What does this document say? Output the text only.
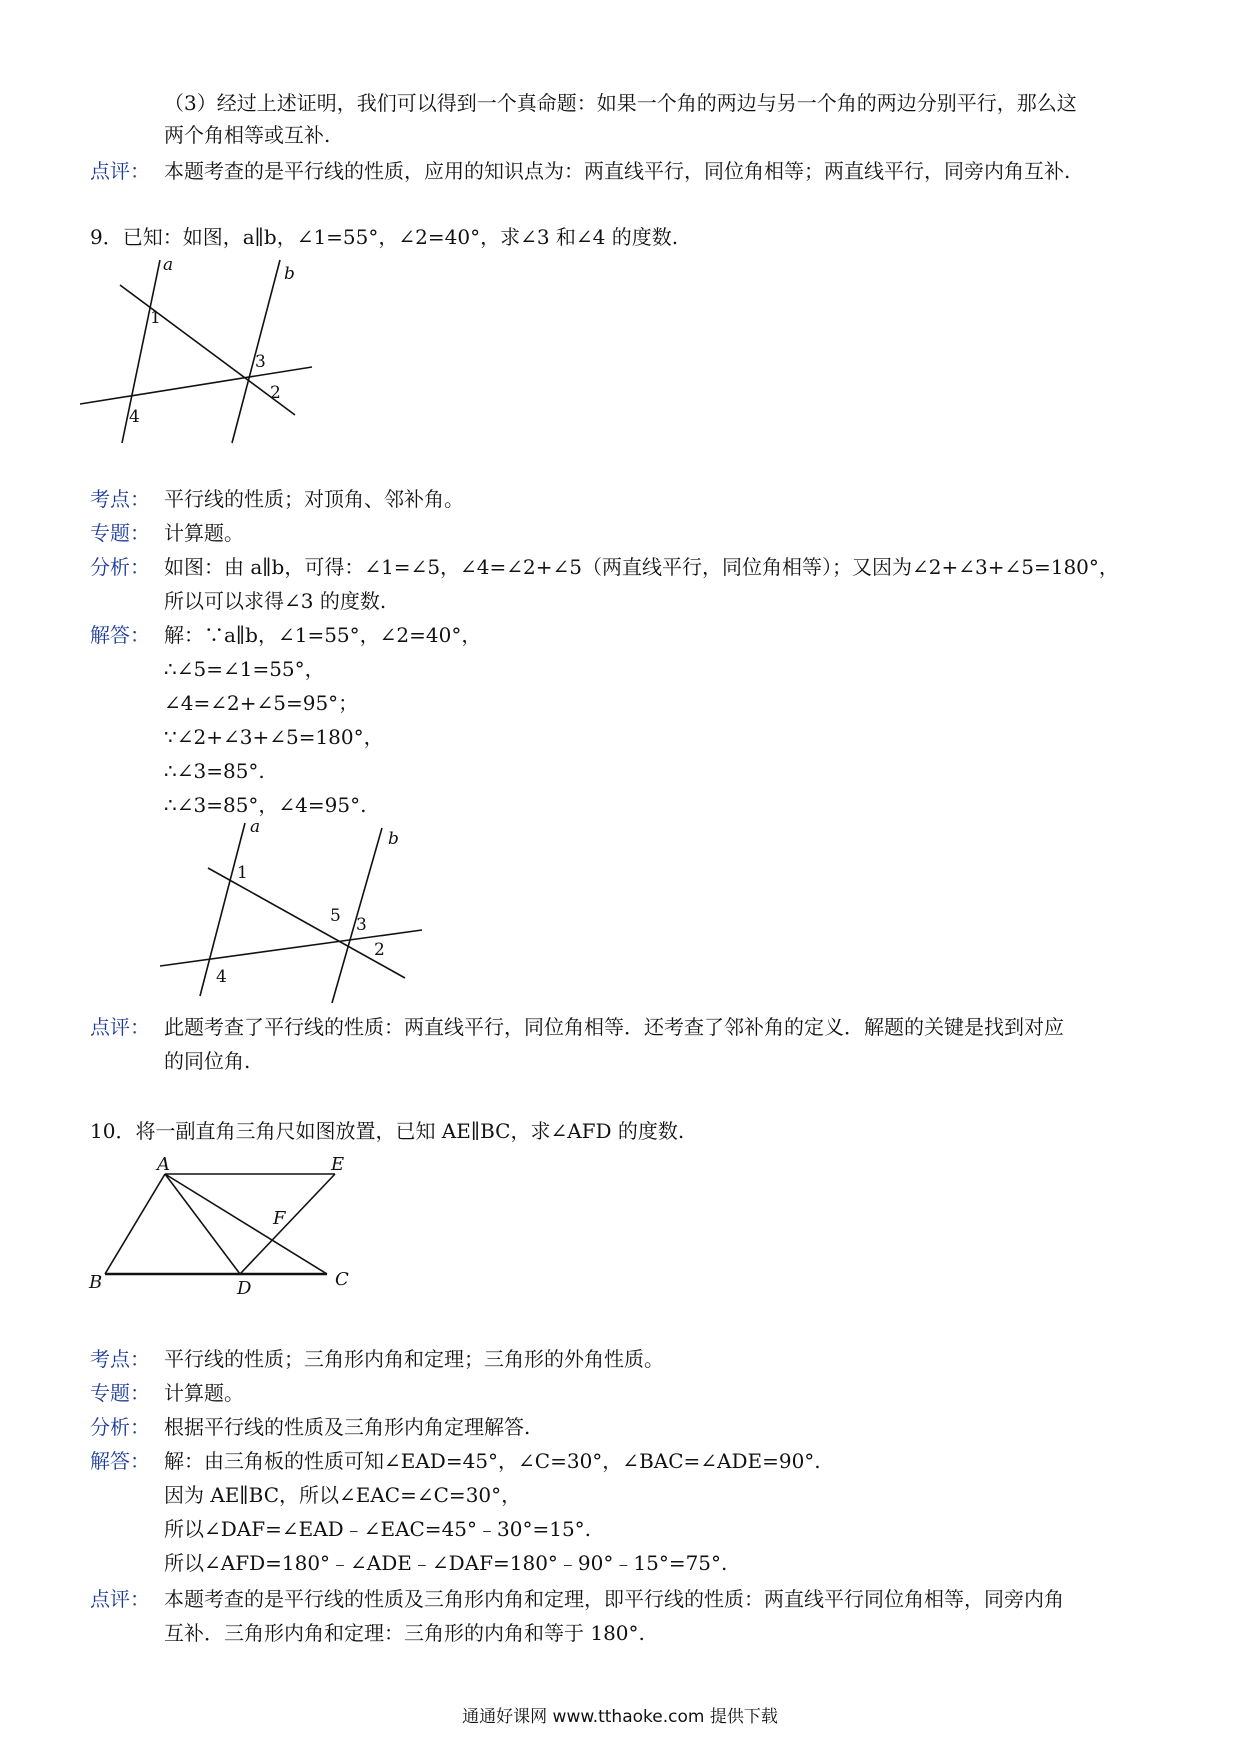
（3）经过上述证明，我们可以得到一个真命题：如果一个角的两边与另一个角的两边分别平行，那么这
两个角相等或互补.
点评： 本题考查的是平行线的性质，应用的知识点为：两直线平行，同位角相等；两直线平行，同旁内角互补.
9．已知：如图，a∥b，∠1=55°，∠2=40°，求∠3 和∠4 的度数.
a	b
1
2
3
4
考点： 平行线的性质；对顶角、邻补角。
专题： 计算题。
分析： 如图：由 a∥b，可得：∠1=∠5，∠4=∠2+∠5（两直线平行，同位角相等）；又因为∠2+∠3+∠5=180°，
所以可以求得∠3 的度数.
解答： 解：∵a∥b，∠1=55°，∠2=40°，
∴∠5=∠1=55°，
∠4=∠2+∠5=95°；
∵∠2+∠3+∠5=180°，
∴∠3=85°.
∴∠3=85°，∠4=95°.
a
b
1
2
3
4
5
点评： 此题考查了平行线的性质：两直线平行，同位角相等．还考查了邻补角的定义．解题的关键是找到对应
的同位角.
10．将一副直角三角尺如图放置，已知 AE∥BC，求∠AFD 的度数.
A	E
F
B	D	C
考点： 平行线的性质；三角形内角和定理；三角形的外角性质。
专题： 计算题。
分析： 根据平行线的性质及三角形内角定理解答.
解答： 解：由三角板的性质可知∠EAD=45°，∠C=30°，∠BAC=∠ADE=90°.
因为 AE∥BC，所以∠EAC=∠C=30°，
所以∠DAF=∠EAD﹣∠EAC=45°﹣30°=15°.
所以∠AFD=180°﹣∠ADE﹣∠DAF=180°﹣90°﹣15°=75°.
点评： 本题考查的是平行线的性质及三角形内角和定理，即平行线的性质：两直线平行同位角相等，同旁内角
互补．三角形内角和定理：三角形的内角和等于 180°.
通通好课网 www.tthaoke.com 提供下载
